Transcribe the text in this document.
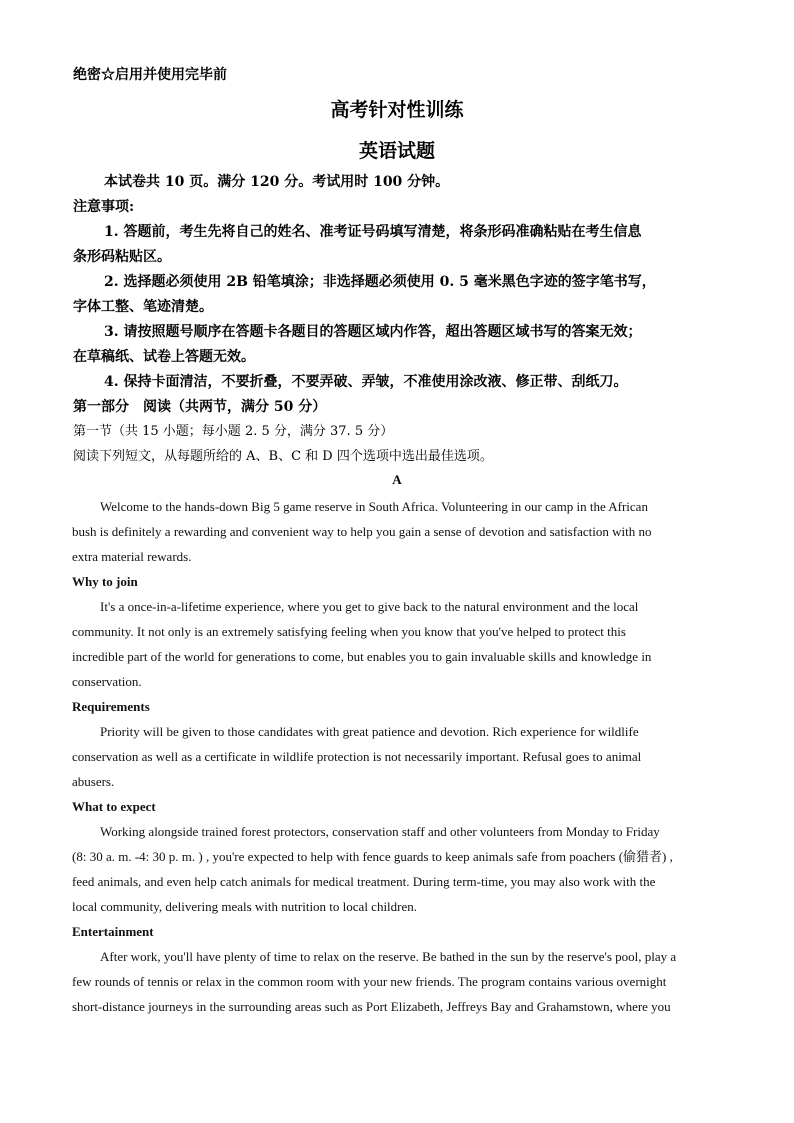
绝密☆启用并使用完毕前
高考针对性训练
英语试题
本试卷共 10 页。满分 120 分。考试用时 100 分钟。
注意事项:
1. 答题前，考生先将自己的姓名、准考证号码填写清楚，将条形码准确粘贴在考生信息
条形码粘贴区。
2. 选择题必须使用 2B 铅笔填涂；非选择题必须使用 0. 5 毫米黑色字迹的签字笔书写，
字体工整、笔迹清楚。
3. 请按照题号顺序在答题卡各题目的答题区域内作答，超出答题区域书写的答案无效；
在草稿纸、试卷上答题无效。
4. 保持卡面清洁，不要折叠，不要弄破、弄皱，不准使用涂改液、修正带、刮纸刀。
第一部分　阅读（共两节，满分 50 分）
第一节（共 15 小题；每小题 2. 5 分，满分 37. 5 分）
阅读下列短文，从每题所给的 A、B、C 和 D 四个选项中选出最佳选项。
A
Welcome to the hands-down Big 5 game reserve in South Africa. Volunteering in our camp in the African
bush is definitely a rewarding and convenient way to help you gain a sense of devotion and satisfaction with no
extra material rewards.
Why to join
It's a once-in-a-lifetime experience, where you get to give back to the natural environment and the local
community. It not only is an extremely satisfying feeling when you know that you've helped to protect this
incredible part of the world for generations to come, but enables you to gain invaluable skills and knowledge in
conservation.
Requirements
Priority will be given to those candidates with great patience and devotion. Rich experience for wildlife
conservation as well as a certificate in wildlife protection is not necessarily important. Refusal goes to animal
abusers.
What to expect
Working alongside trained forest protectors, conservation staff and other volunteers from Monday to Friday
(8: 30 a. m. -4: 30 p. m. ) , you're expected to help with fence guards to keep animals safe from poachers (偷猎者) ,
feed animals, and even help catch animals for medical treatment. During term-time, you may also work with the
local community, delivering meals with nutrition to local children.
Entertainment
After work, you'll have plenty of time to relax on the reserve. Be bathed in the sun by the reserve's pool, play a
few rounds of tennis or relax in the common room with your new friends. The program contains various overnight
short-distance journeys in the surrounding areas such as Port Elizabeth, Jeffreys Bay and Grahamstown, where you
